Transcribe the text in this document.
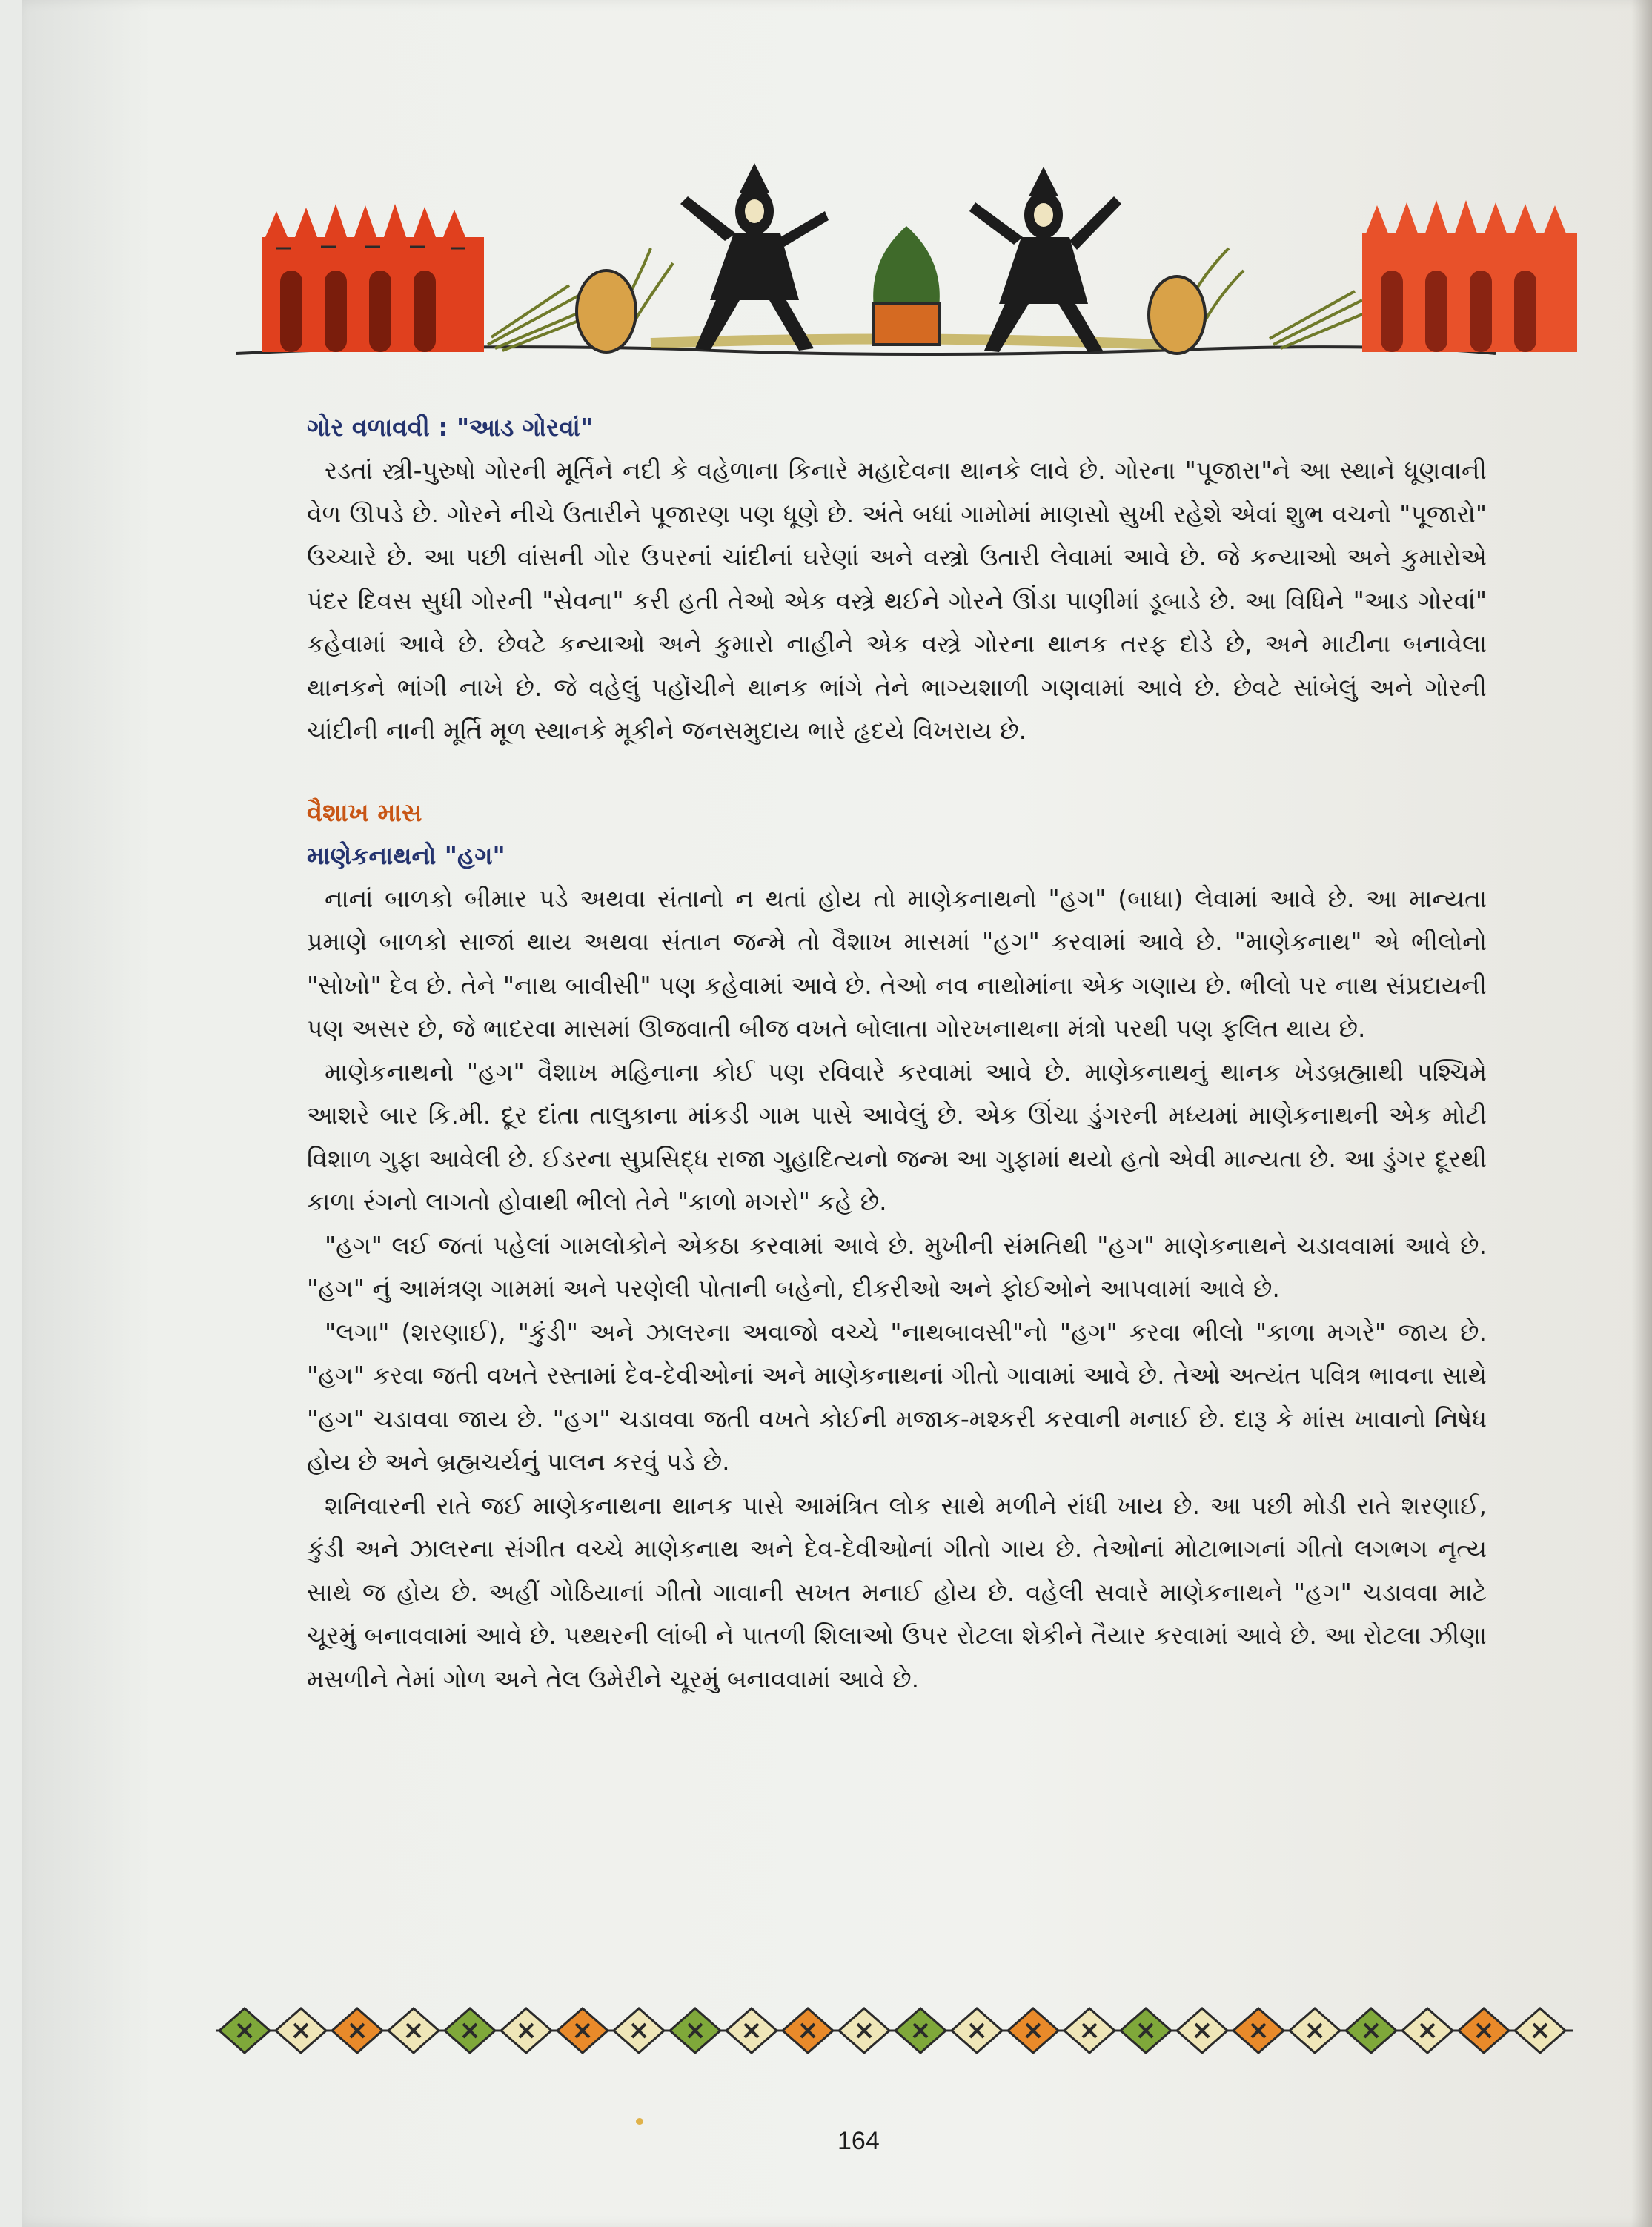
ગોર વળાવવી : "આડ ગોરવાં"

રડતાં સ્ત્રી-પુરુષો ગોરની મૂર્તિને નદી કે વહેળાના કિનારે મહાદેવના થાનકે લાવે છે. ગોરના "પૂજારા"ને આ સ્થાને ધૂણવાની વેળ ઊપડે છે. ગોરને નીચે ઉતારીને પૂજારણ પણ ધૂણે છે. અંતે બધાં ગામોમાં માણસો સુખી રહેશે એવાં શુભ વચનો "પૂજારો" ઉચ્ચારે છે. આ પછી વાંસની ગોર ઉપરનાં ચાંદીનાં ઘરેણાં અને વસ્ત્રો ઉતારી લેવામાં આવે છે. જે કન્યાઓ અને કુમારોએ પંદર દિવસ સુધી ગોરની "સેવના" કરી હતી તેઓ એક વસ્ત્રે થઈને ગોરને ઊંડા પાણીમાં ડૂબાડે છે. આ વિધિને "આડ ગોરવાં" કહેવામાં આવે છે. છેવટે કન્યાઓ અને કુમારો નાહીને એક વસ્ત્રે ગોરના થાનક તરફ દોડે છે, અને માટીના બનાવેલા થાનકને ભાંગી નાખે છે. જે વહેલું પહોંચીને થાનક ભાંગે તેને ભાગ્યશાળી ગણવામાં આવે છે. છેવટે સાંબેલું અને ગોરની ચાંદીની નાની મૂર્તિ મૂળ સ્થાનકે મૂકીને જનસમુદાય ભારે હૃદયે વિખરાય છે.

વૈશાખ માસ
માણેકનાથનો "હગ"

નાનાં બાળકો બીમાર પડે અથવા સંતાનો ન થતાં હોય તો માણેકનાથનો "હગ" (બાધા) લેવામાં આવે છે. આ માન્યતા પ્રમાણે બાળકો સાજાં થાય અથવા સંતાન જન્મે તો વૈશાખ માસમાં "હગ" કરવામાં આવે છે. "માણેકનાથ" એ ભીલોનો "સોખો" દેવ છે. તેને "નાથ બાવીસી" પણ કહેવામાં આવે છે. તેઓ નવ નાથોમાંના એક ગણાય છે. ભીલો પર નાથ સંપ્રદાયની પણ અસર છે, જે ભાદરવા માસમાં ઊજવાતી બીજ વખતે બોલાતા ગોરખનાથના મંત્રો પરથી પણ ફલિત થાય છે.

માણેકનાથનો "હગ" વૈશાખ મહિનાના કોઈ પણ રવિવારે કરવામાં આવે છે. માણેકનાથનું થાનક ખેડબ્રહ્માથી પશ્ચિમે આશરે બાર કિ.મી. દૂર દાંતા તાલુકાના માંકડી ગામ પાસે આવેલું છે. એક ઊંચા ડુંગરની મધ્યમાં માણેકનાથની એક મોટી વિશાળ ગુફા આવેલી છે. ઈડરના સુપ્રસિદ્ધ રાજા ગુહાદિત્યનો જન્મ આ ગુફામાં થયો હતો એવી માન્યતા છે. આ ડુંગર દૂરથી કાળા રંગનો લાગતો હોવાથી ભીલો તેને "કાળો મગરો" કહે છે.

"હગ" લઈ જતાં પહેલાં ગામલોકોને એકઠા કરવામાં આવે છે. મુખીની સંમતિથી "હગ" માણેકનાથને ચડાવવામાં આવે છે. "હગ" નું આમંત્રણ ગામમાં અને પરણેલી પોતાની બહેનો, દીકરીઓ અને ફોઈઓને આપવામાં આવે છે.

"લગા" (શરણાઈ), "કુંડી" અને ઝાલરના અવાજો વચ્ચે "નાથબાવસી"નો "હગ" કરવા ભીલો "કાળા મગરે" જાય છે. "હગ" કરવા જતી વખતે રસ્તામાં દેવ-દેવીઓનાં અને માણેકનાથનાં ગીતો ગાવામાં આવે છે. તેઓ અત્યંત પવિત્ર ભાવના સાથે "હગ" ચડાવવા જાય છે. "હગ" ચડાવવા જતી વખતે કોઈની મજાક-મશ્કરી કરવાની મનાઈ છે. દારૂ કે માંસ ખાવાનો નિષેધ હોય છે અને બ્રહ્મચર્યનું પાલન કરવું પડે છે.

શનિવારની રાતે જઈ માણેકનાથના થાનક પાસે આમંત્રિત લોક સાથે મળીને રાંધી ખાય છે. આ પછી મોડી રાતે શરણાઈ, કુંડી અને ઝાલરના સંગીત વચ્ચે માણેકનાથ અને દેવ-દેવીઓનાં ગીતો ગાય છે. તેઓનાં મોટાભાગનાં ગીતો લગભગ નૃત્ય સાથે જ હોય છે. અહીં ગોઠિયાનાં ગીતો ગાવાની સખત મનાઈ હોય છે. વહેલી સવારે માણેકનાથને "હગ" ચડાવવા માટે ચૂરમું બનાવવામાં આવે છે. પથ્થરની લાંબી ને પાતળી શિલાઓ ઉપર રોટલા શેકીને તૈયાર કરવામાં આવે છે. આ રોટલા ઝીણા મસળીને તેમાં ગોળ અને તેલ ઉમેરીને ચૂરમું બનાવવામાં આવે છે.

164
